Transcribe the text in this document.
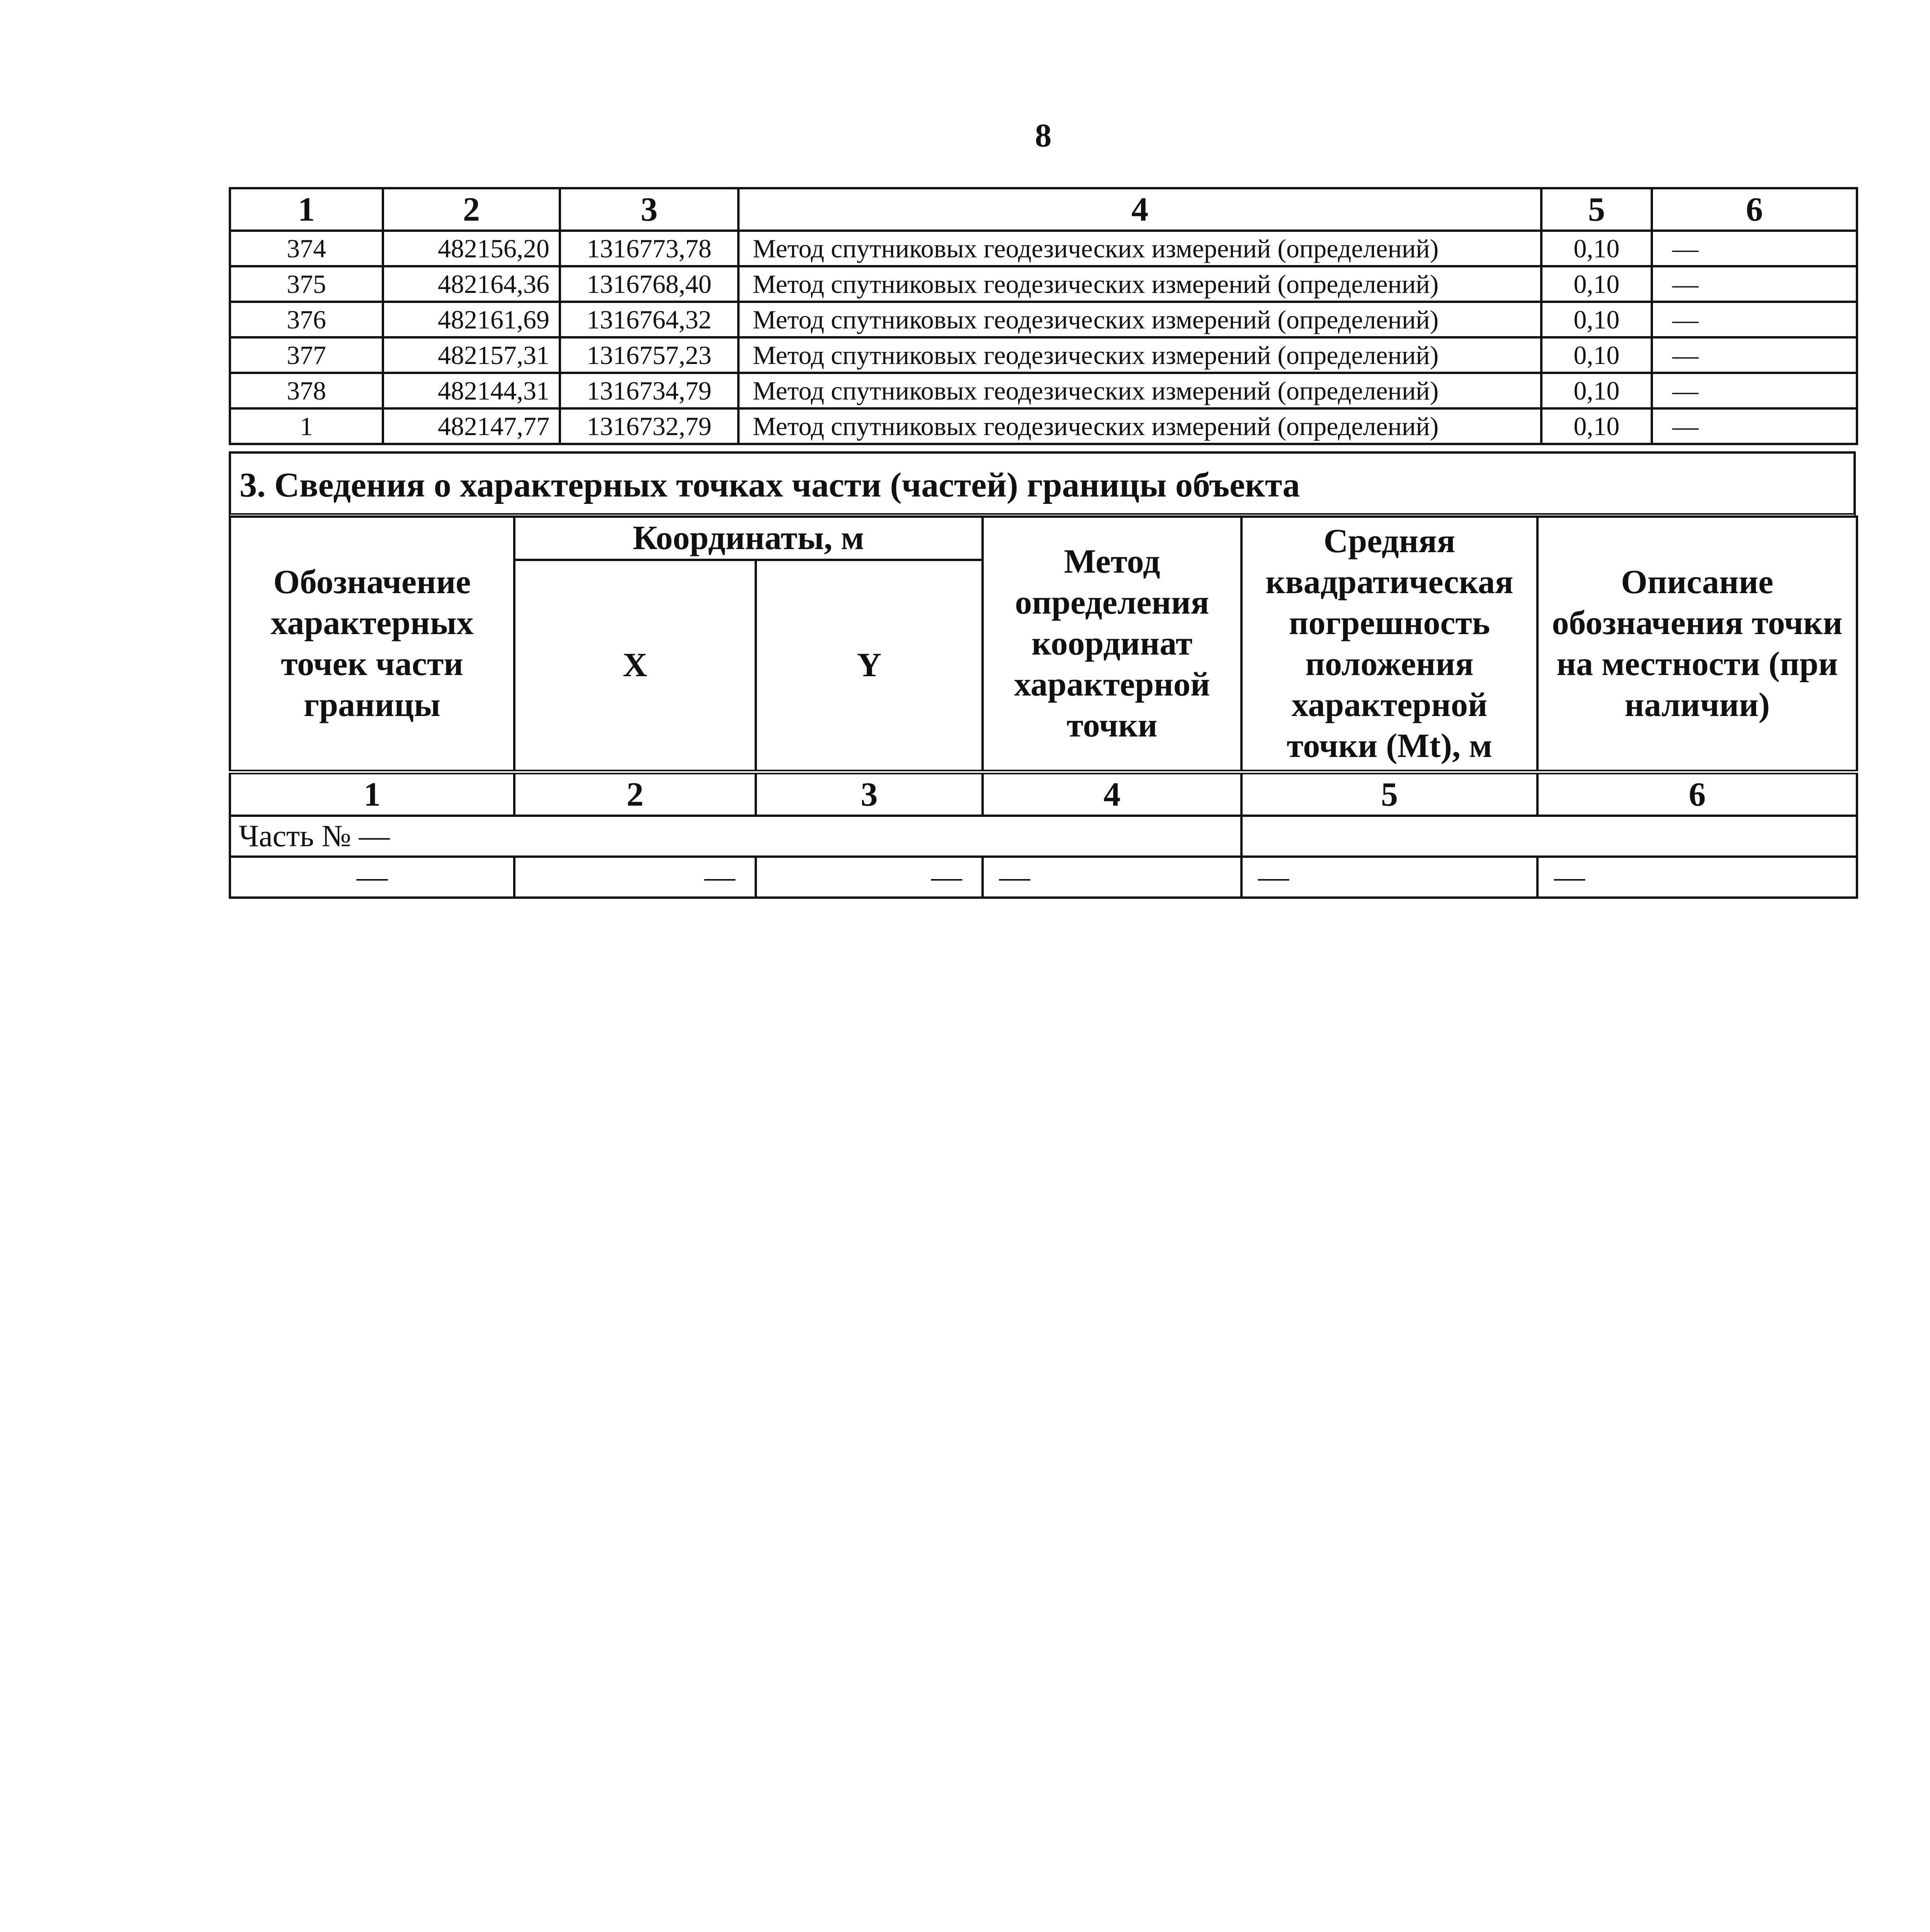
8
1	2	3	4	5	6
374	482156,20	1316773,78	Метод спутниковых геодезических измерений (определений)	0,10	—
375	482164,36	1316768,40	Метод спутниковых геодезических измерений (определений)	0,10	—
376	482161,69	1316764,32	Метод спутниковых геодезических измерений (определений)	0,10	—
377	482157,31	1316757,23	Метод спутниковых геодезических измерений (определений)	0,10	—
378	482144,31	1316734,79	Метод спутниковых геодезических измерений (определений)	0,10	—
1	482147,77	1316732,79	Метод спутниковых геодезических измерений (определений)	0,10	—
3. Сведения о характерных точках части (частей) границы объекта
Обозначение характерных точек части границы	Координаты, м		Метод определения координат характерной точки	Средняя квадратическая погрешность положения характерной точки (Mt), м	Описание обозначения точки на местности (при наличии)
	X	Y			
1	2	3	4	5	6
Часть № —					
—	—	—	—	—	—
